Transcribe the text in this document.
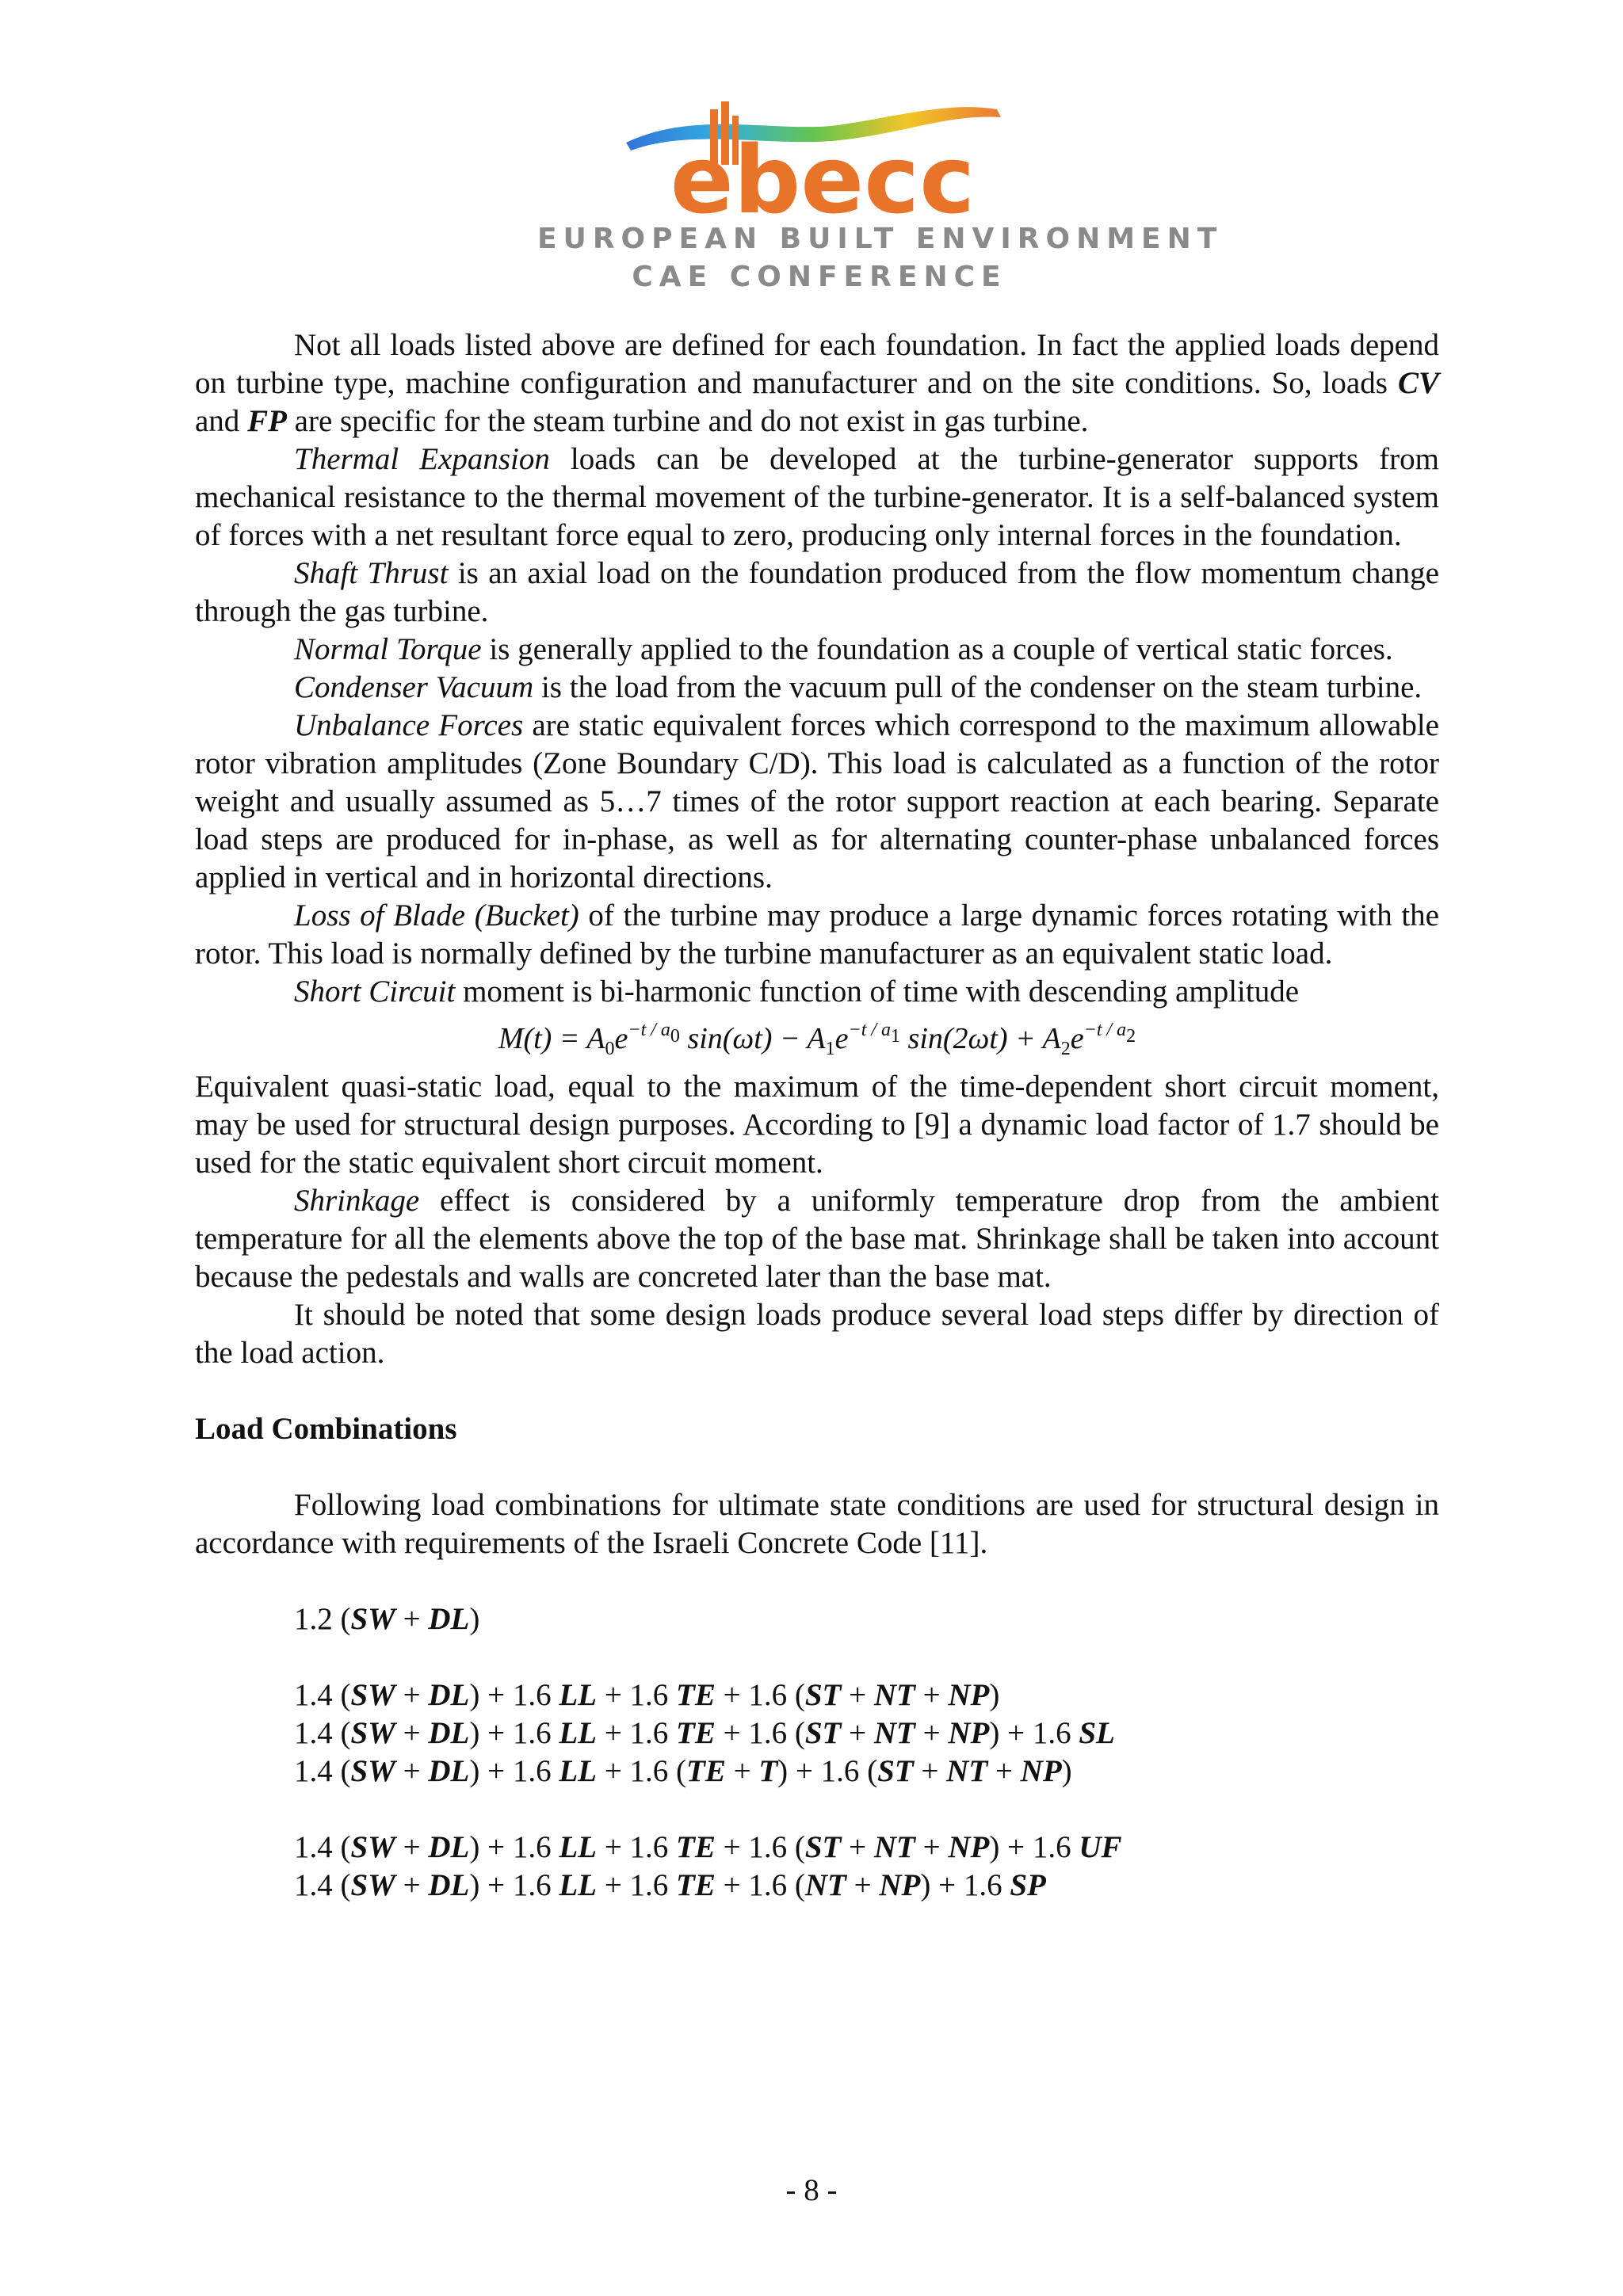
ebecc
EUROPEAN BUILT ENVIRONMENT
CAE CONFERENCE

Not all loads listed above are defined for each foundation. In fact the applied loads depend on turbine type, machine configuration and manufacturer and on the site conditions. So, loads CV and FP are specific for the steam turbine and do not exist in gas turbine.

Thermal Expansion loads can be developed at the turbine-generator supports from mechanical resistance to the thermal movement of the turbine-generator. It is a self-balanced system of forces with a net resultant force equal to zero, producing only internal forces in the foundation.

Shaft Thrust is an axial load on the foundation produced from the flow momentum change through the gas turbine.

Normal Torque is generally applied to the foundation as a couple of vertical static forces.

Condenser Vacuum is the load from the vacuum pull of the condenser on the steam turbine.

Unbalance Forces are static equivalent forces which correspond to the maximum allowable rotor vibration amplitudes (Zone Boundary C/D). This load is calculated as a function of the rotor weight and usually assumed as 5…7 times of the rotor support reaction at each bearing. Separate load steps are produced for in-phase, as well as for alternating counter-phase unbalanced forces applied in vertical and in horizontal directions.

Loss of Blade (Bucket) of the turbine may produce a large dynamic forces rotating with the rotor. This load is normally defined by the turbine manufacturer as an equivalent static load.

Short Circuit moment is bi-harmonic function of time with descending amplitude

$M(t) = A_0e^{-t / a_0}$ $\sin(\omega t) - A_1e^{-t / a_1}$ $\sin(2\omega t) + A_2e^{-t / a_2}$

Equivalent quasi-static load, equal to the maximum of the time-dependent short circuit moment, may be used for structural design purposes. According to [9] a dynamic load factor of 1.7 should be used for the static equivalent short circuit moment.

Shrinkage effect is considered by a uniformly temperature drop from the ambient temperature for all the elements above the top of the base mat. Shrinkage shall be taken into account because the pedestals and walls are concreted later than the base mat.

It should be noted that some design loads produce several load steps differ by direction of the load action.

Load Combinations

Following load combinations for ultimate state conditions are used for structural design in accordance with requirements of the Israeli Concrete Code [11].

1.2 (SW + DL)

1.4 (SW + DL) + 1.6 LL + 1.6 TE + 1.6 (ST + NT + NP)

1.4 (SW + DL) + 1.6 LL + 1.6 TE + 1.6 (ST + NT + NP) + 1.6 SL

1.4 (SW + DL) + 1.6 LL + 1.6 (TE + T) + 1.6 (ST + NT + NP)

1.4 (SW + DL) + 1.6 LL + 1.6 TE + 1.6 (ST + NT + NP) + 1.6 UF

1.4 (SW + DL) + 1.6 LL + 1.6 TE + 1.6 (NT + NP) + 1.6 SP

- 8 -
